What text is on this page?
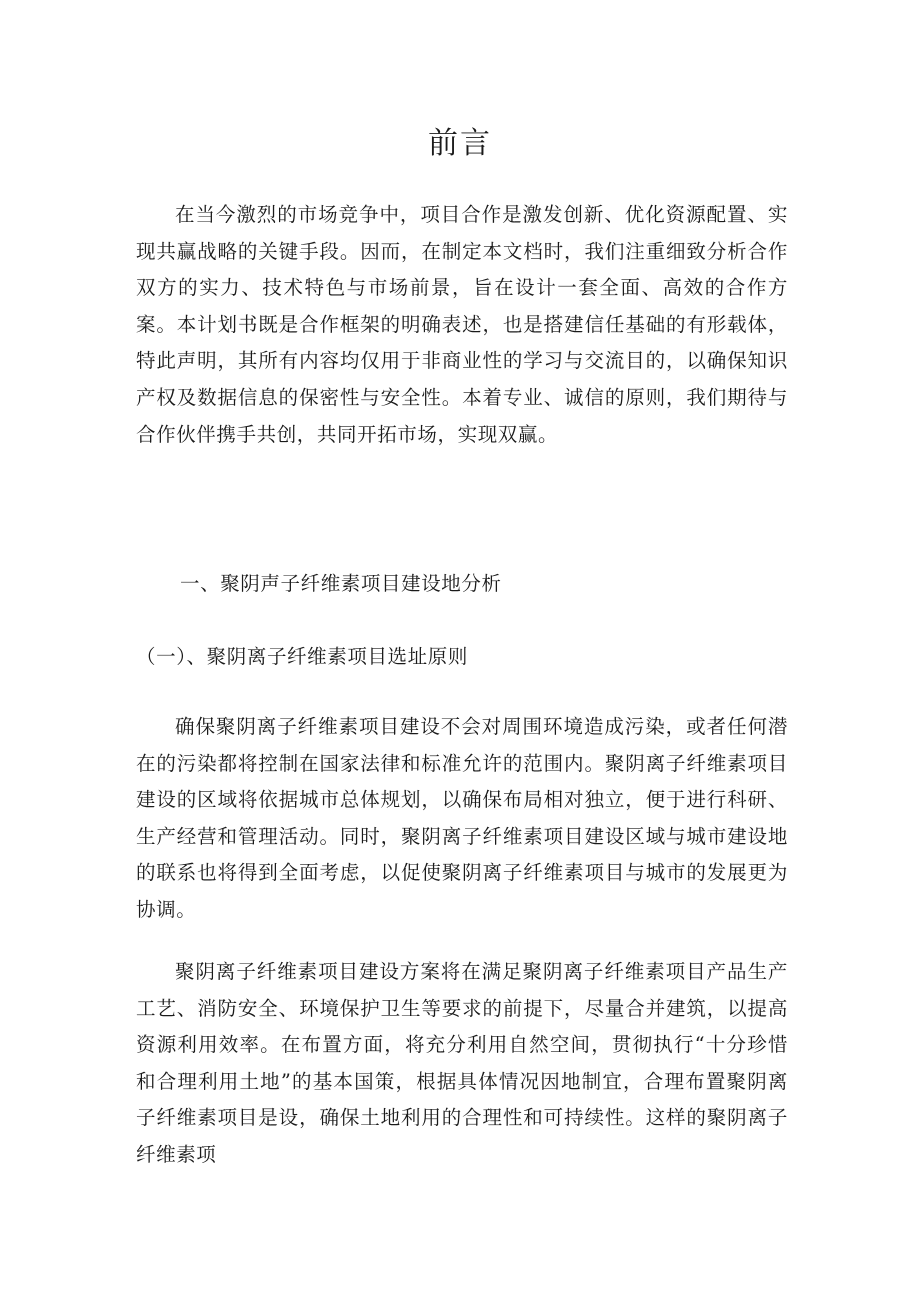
前言

在当今激烈的市场竞争中，项目合作是激发创新、优化资源配置、实现共赢战略的关键手段。因而，在制定本文档时，我们注重细致分析合作双方的实力、技术特色与市场前景，旨在设计一套全面、高效的合作方案。本计划书既是合作框架的明确表述，也是搭建信任基础的有形载体，特此声明，其所有内容均仅用于非商业性的学习与交流目的，以确保知识产权及数据信息的保密性与安全性。本着专业、诚信的原则，我们期待与合作伙伴携手共创，共同开拓市场，实现双赢。

一、聚阴声子纤维素项目建设地分析
（一）、聚阴离子纤维素项目选址原则

确保聚阴离子纤维素项目建设不会对周围环境造成污染，或者任何潜在的污染都将控制在国家法律和标准允许的范围内。聚阴离子纤维素项目建设的区域将依据城市总体规划，以确保布局相对独立，便于进行科研、生产经营和管理活动。同时，聚阴离子纤维素项目建设区域与城市建设地的联系也将得到全面考虑，以促使聚阴离子纤维素项目与城市的发展更为协调。

聚阴离子纤维素项目建设方案将在满足聚阴离子纤维素项目产品生产工艺、消防安全、环境保护卫生等要求的前提下，尽量合并建筑，以提高资源利用效率。在布置方面，将充分利用自然空间，贯彻执行“十分珍惜和合理利用土地”的基本国策，根据具体情况因地制宜，合理布置聚阴离子纤维素项目是设，确保土地利用的合理性和可持续性。这样的聚阴离子纤维素项
